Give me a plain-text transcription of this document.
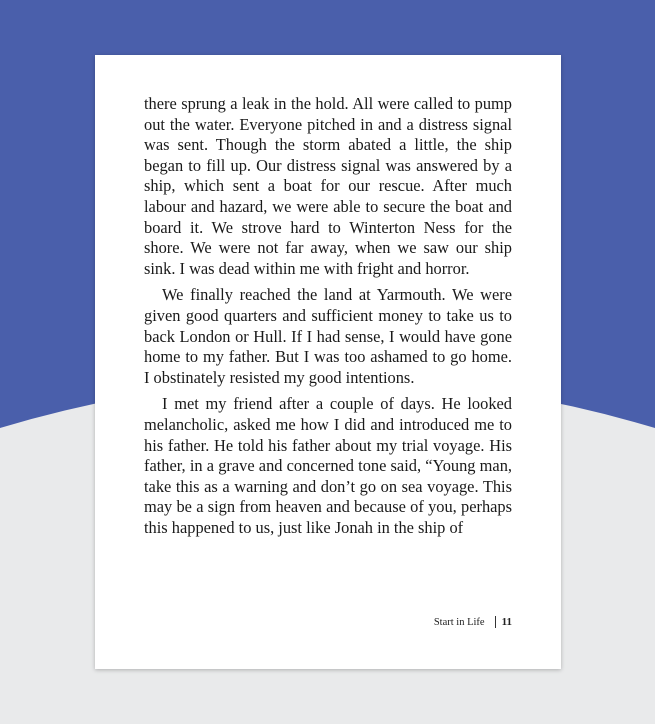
there sprung a leak in the hold. All were called to pump out the water. Everyone pitched in and a distress signal was sent. Though the storm abated a little, the ship began to fill up. Our distress signal was answered by a ship, which sent a boat for our rescue. After much labour and hazard, we were able to secure the boat and board it. We strove hard to Winterton Ness for the shore. We were not far away, when we saw our ship sink. I was dead within me with fright and horror.

We finally reached the land at Yarmouth. We were given good quarters and sufficient money to take us to back London or Hull. If I had sense, I would have gone home to my father. But I was too ashamed to go home. I obstinately resisted my good intentions.

I met my friend after a couple of days. He looked melancholic, asked me how I did and introduced me to his father. He told his father about my trial voyage. His father, in a grave and concerned tone said, “Young man, take this as a warning and don’t go on sea voyage. This may be a sign from heaven and because of you, perhaps this happened to us, just like Jonah in the ship of

Start in Life 11
